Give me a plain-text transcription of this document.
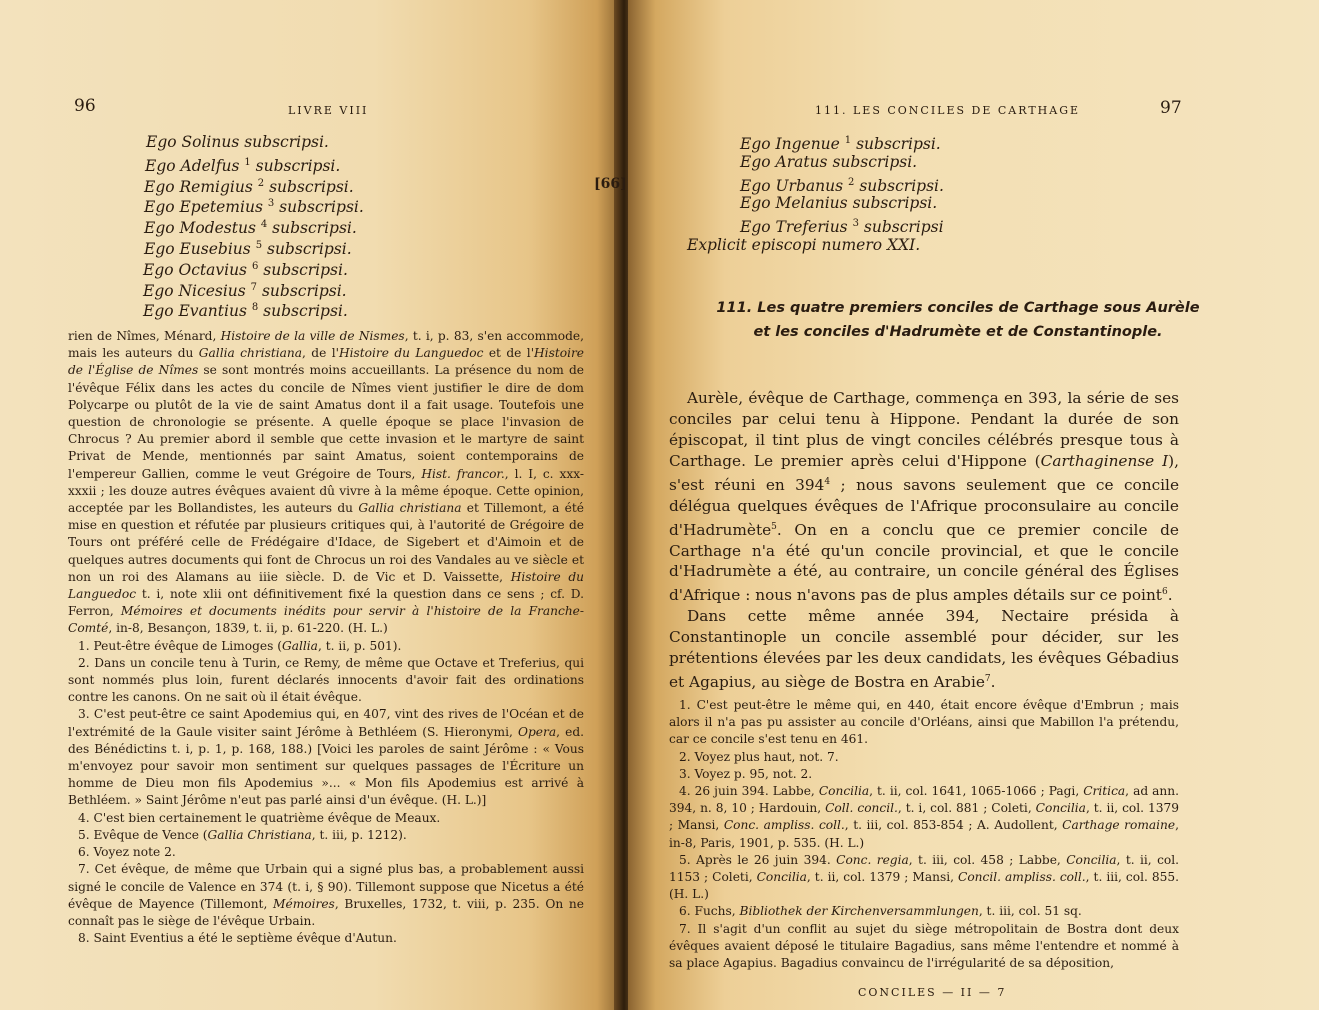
96	LIVRE VIII
Ego Solinus subscripsi.
Ego Adelfus $^1$ subscripsi.
Ego Remigius $^2$ subscripsi.
Ego Epetemius $^3$ subscripsi.
Ego Modestus $^4$ subscripsi.
Ego Eusebius $^5$ subscripsi.
Ego Octavius $^6$ subscripsi.
Ego Nicesius $^7$ subscripsi.
Ego Evantius $^8$ subscripsi.

rien de Nîmes, Ménard, Histoire de la ville de Nismes, t. i, p. 83, s'en accommode, mais les auteurs du Gallia christiana, de l'Histoire du Languedoc et de l'Histoire de l'Église de Nîmes se sont montrés moins accueillants. La présence du nom de l'évêque Félix dans les actes du concile de Nîmes vient justifier le dire de dom Polycarpe ou plutôt de la vie de saint Amatus dont il a fait usage. Toutefois une question de chronologie se présente. A quelle époque se place l'invasion de Chrocus ? Au premier abord il semble que cette invasion et le martyre de saint Privat de Mende, mentionnés par saint Amatus, soient contemporains de l'empereur Gallien, comme le veut Grégoire de Tours, Hist. francor., l. I, c. xxx-xxxii ; les douze autres évêques avaient dû vivre à la même époque. Cette opinion, acceptée par les Bollandistes, les auteurs du Gallia christiana et Tillemont, a été mise en question et réfutée par plusieurs critiques qui, à l'autorité de Grégoire de Tours ont préféré celle de Frédégaire d'Idace, de Sigebert et d'Aimoin et de quelques autres documents qui font de Chrocus un roi des Vandales au ve siècle et non un roi des Alamans au iiie siècle. D. de Vic et D. Vaissette, Histoire du Languedoc t. i, note xlii ont définitivement fixé la question dans ce sens ; cf. D. Ferron, Mémoires et documents inédits pour servir à l'histoire de la Franche-Comté, in-8, Besançon, 1839, t. ii, p. 61-220. (H. L.)

1. Peut-être évêque de Limoges (Gallia, t. ii, p. 501).

2. Dans un concile tenu à Turin, ce Remy, de même que Octave et Treferius, qui sont nommés plus loin, furent déclarés innocents d'avoir fait des ordinations contre les canons. On ne sait où il était évêque.

3. C'est peut-être ce saint Apodemius qui, en 407, vint des rives de l'Océan et de l'extrémité de la Gaule visiter saint Jérôme à Bethléem (S. Hieronymi, Opera, ed. des Bénédictins t. i, p. 1, p. 168, 188.) [Voici les paroles de saint Jérôme : « Vous m'envoyez pour savoir mon sentiment sur quelques passages de l'Écriture un homme de Dieu mon fils Apodemius »... « Mon fils Apodemius est arrivé à Bethléem. » Saint Jérôme n'eut pas parlé ainsi d'un évêque. (H. L.)]

4. C'est bien certainement le quatrième évêque de Meaux.

5. Evêque de Vence (Gallia Christiana, t. iii, p. 1212).

6. Voyez note 2.

7. Cet évêque, de même que Urbain qui a signé plus bas, a probablement aussi signé le concile de Valence en 374 (t. i, § 90). Tillemont suppose que Nicetus a été évêque de Mayence (Tillemont, Mémoires, Bruxelles, 1732, t. viii, p. 235. On ne connaît pas le siège de l'évêque Urbain.

8. Saint Eventius a été le septième évêque d'Autun.

[66]
111. LES CONCILES DE CARTHAGE	97
Ego Ingenue $^1$ subscripsi.
Ego Aratus subscripsi.
Ego Urbanus $^2$ subscripsi.
Ego Melanius subscripsi.
Ego Treferius $^3$ subscripsi
Explicit episcopi numero XXI.
111. Les quatre premiers conciles de Carthage sous Aurèle
et les conciles d'Hadrumète et de Constantinople.

Aurèle, évêque de Carthage, commença en 393, la série de ses conciles par celui tenu à Hippone. Pendant la durée de son épiscopat, il tint plus de vingt conciles célébrés presque tous à Carthage. Le premier après celui d'Hippone (Carthaginense I), s'est réuni en $394^4$ ; nous savons seulement que ce concile délégua quelques évêques de l'Afrique proconsulaire au concile d'Hadrumète$^5$. On en a conclu que ce premier concile de Carthage n'a été qu'un concile provincial, et que le concile d'Hadrumète a été, au contraire, un concile général des Églises d'Afrique : nous n'avons pas de plus amples détails sur ce point$^6$.

Dans cette même année 394, Nectaire présida à Constantinople un concile assemblé pour décider, sur les prétentions élevées par les deux candidats, les évêques Gébadius et Agapius, au siège de Bostra en Arabie$^7$.

1. C'est peut-être le même qui, en 440, était encore évêque d'Embrun ; mais alors il n'a pas pu assister au concile d'Orléans, ainsi que Mabillon l'a prétendu, car ce concile s'est tenu en 461.

2. Voyez plus haut, not. 7.

3. Voyez p. 95, not. 2.

4. 26 juin 394. Labbe, Concilia, t. ii, col. 1641, 1065-1066 ; Pagi, Critica, ad ann. 394, n. 8, 10 ; Hardouin, Coll. concil., t. i, col. 881 ; Coleti, Concilia, t. ii, col. 1379 ; Mansi, Conc. ampliss. coll., t. iii, col. 853-854 ; A. Audollent, Carthage romaine, in-8, Paris, 1901, p. 535. (H. L.)

5. Après le 26 juin 394. Conc. regia, t. iii, col. 458 ; Labbe, Concilia, t. ii, col. 1153 ; Coleti, Concilia, t. ii, col. 1379 ; Mansi, Concil. ampliss. coll., t. iii, col. 855. (H. L.)

6. Fuchs, Bibliothek der Kirchenversammlungen, t. iii, col. 51 sq.

7. Il s'agit d'un conflit au sujet du siège métropolitain de Bostra dont deux évêques avaient déposé le titulaire Bagadius, sans même l'entendre et nommé à sa place Agapius. Bagadius convaincu de l'irrégularité de sa déposition,

CONCILES — II — 7
